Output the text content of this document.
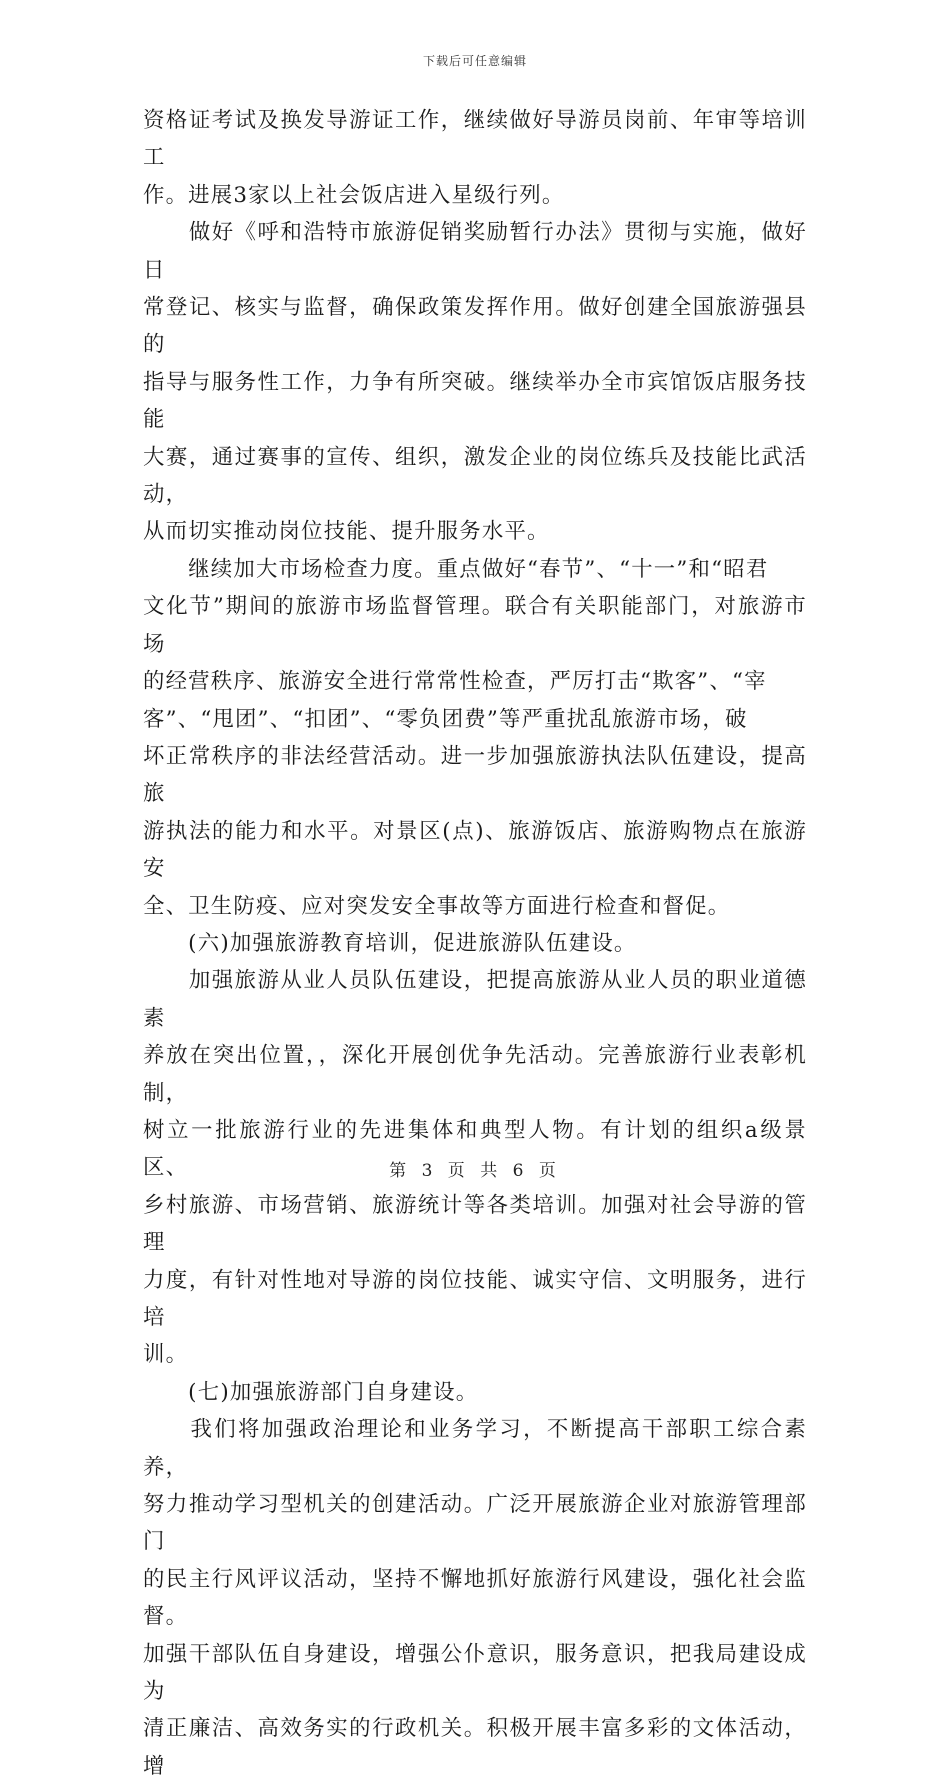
下载后可任意编辑

资格证考试及换发导游证工作，继续做好导游员岗前、年审等培训工

作。进展3家以上社会饭店进入星级行列。

　　做好《呼和浩特市旅游促销奖励暂行办法》贯彻与实施，做好日

常登记、核实与监督，确保政策发挥作用。做好创建全国旅游强县的

指导与服务性工作，力争有所突破。继续举办全市宾馆饭店服务技能

大赛，通过赛事的宣传、组织，激发企业的岗位练兵及技能比武活动，

从而切实推动岗位技能、提升服务水平。

　　继续加大市场检查力度。重点做好“春节”、“十一”和“昭君

文化节”期间的旅游市场监督管理。联合有关职能部门，对旅游市场

的经营秩序、旅游安全进行常常性检查，严厉打击“欺客”、“宰

客”、“甩团”、“扣团”、“零负团费”等严重扰乱旅游市场，破

坏正常秩序的非法经营活动。进一步加强旅游执法队伍建设，提高旅

游执法的能力和水平。对景区(点)、旅游饭店、旅游购物点在旅游安

全、卫生防疫、应对突发安全事故等方面进行检查和督促。

　　(六)加强旅游教育培训，促进旅游队伍建设。

　　加强旅游从业人员队伍建设，把提高旅游从业人员的职业道德素

养放在突出位置，，深化开展创优争先活动。完善旅游行业表彰机制，

树立一批旅游行业的先进集体和典型人物。有计划的组织a级景区、

乡村旅游、市场营销、旅游统计等各类培训。加强对社会导游的管理

力度，有针对性地对导游的岗位技能、诚实守信、文明服务，进行培

训。

　　(七)加强旅游部门自身建设。

　　我们将加强政治理论和业务学习，不断提高干部职工综合素养，

努力推动学习型机关的创建活动。广泛开展旅游企业对旅游管理部门

的民主行风评议活动，坚持不懈地抓好旅游行风建设，强化社会监督。

加强干部队伍自身建设，增强公仆意识，服务意识，把我局建设成为

清正廉洁、高效务实的行政机关。积极开展丰富多彩的文体活动，增

第 3 页 共 6 页
